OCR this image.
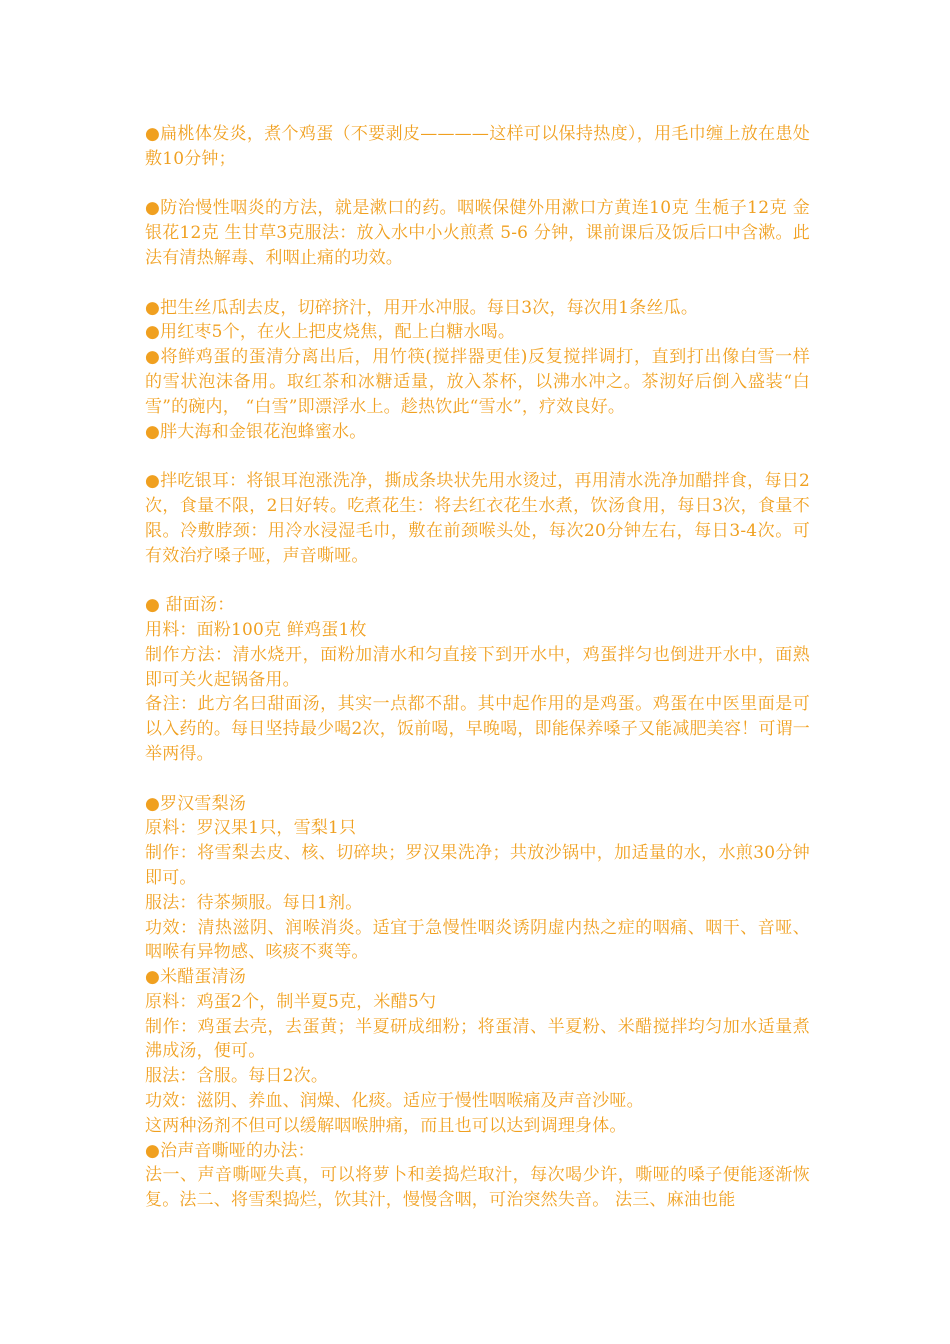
●扁桃体发炎，煮个鸡蛋（不要剥皮————这样可以保持热度），用毛巾缠上放在患处敷10分钟；

●防治慢性咽炎的方法，就是漱口的药。咽喉保健外用漱口方黄连10克 生栀子12克 金银花12克 生甘草3克服法：放入水中小火煎煮 5-6 分钟，课前课后及饭后口中含漱。此法有清热解毒、利咽止痛的功效。

●把生丝瓜刮去皮，切碎挤汁，用开水冲服。每日3次，每次用1条丝瓜。

●用红枣5个，在火上把皮烧焦，配上白糖水喝。

●将鲜鸡蛋的蛋清分离出后，用竹筷(搅拌器更佳)反复搅拌调打，直到打出像白雪一样的雪状泡沫备用。取红茶和冰糖适量，放入茶杯，以沸水冲之。茶沏好后倒入盛装“白雪”的碗内， “白雪”即漂浮水上。趁热饮此“雪水”，疗效良好。

●胖大海和金银花泡蜂蜜水。

●拌吃银耳：将银耳泡涨洗净，撕成条块状先用水烫过，再用清水洗净加醋拌食，每日2次，食量不限，2日好转。吃煮花生：将去红衣花生水煮，饮汤食用，每日3次，食量不限。冷敷脖颈：用冷水浸湿毛巾，敷在前颈喉头处，每次20分钟左右，每日3-4次。可有效治疗嗓子哑，声音嘶哑。

● 甜面汤：

用料：面粉100克 鲜鸡蛋1枚

制作方法：清水烧开，面粉加清水和匀直接下到开水中，鸡蛋拌匀也倒进开水中，面熟即可关火起锅备用。

备注：此方名曰甜面汤，其实一点都不甜。其中起作用的是鸡蛋。鸡蛋在中医里面是可以入药的。每日坚持最少喝2次，饭前喝，早晚喝，即能保养嗓子又能减肥美容！可谓一举两得。

●罗汉雪梨汤

原料：罗汉果1只，雪梨1只

制作：将雪梨去皮、核、切碎块；罗汉果洗净；共放沙锅中，加适量的水，水煎30分钟即可。

服法：待茶频服。每日1剂。

功效：清热滋阴、润喉消炎。适宜于急慢性咽炎诱阴虚内热之症的咽痛、咽干、音哑、咽喉有异物感、咳痰不爽等。

●米醋蛋清汤

原料：鸡蛋2个，制半夏5克，米醋5勺

制作：鸡蛋去壳，去蛋黄；半夏研成细粉；将蛋清、半夏粉、米醋搅拌均匀加水适量煮沸成汤，便可。

服法：含服。每日2次。

功效：滋阴、养血、润燥、化痰。适应于慢性咽喉痛及声音沙哑。

这两种汤剂不但可以缓解咽喉肿痛，而且也可以达到调理身体。

●治声音嘶哑的办法：

法一、声音嘶哑失真，可以将萝卜和姜捣烂取汁，每次喝少许，嘶哑的嗓子便能逐渐恢复。法二、将雪梨捣烂，饮其汁，慢慢含咽，可治突然失音。 法三、麻油也能
